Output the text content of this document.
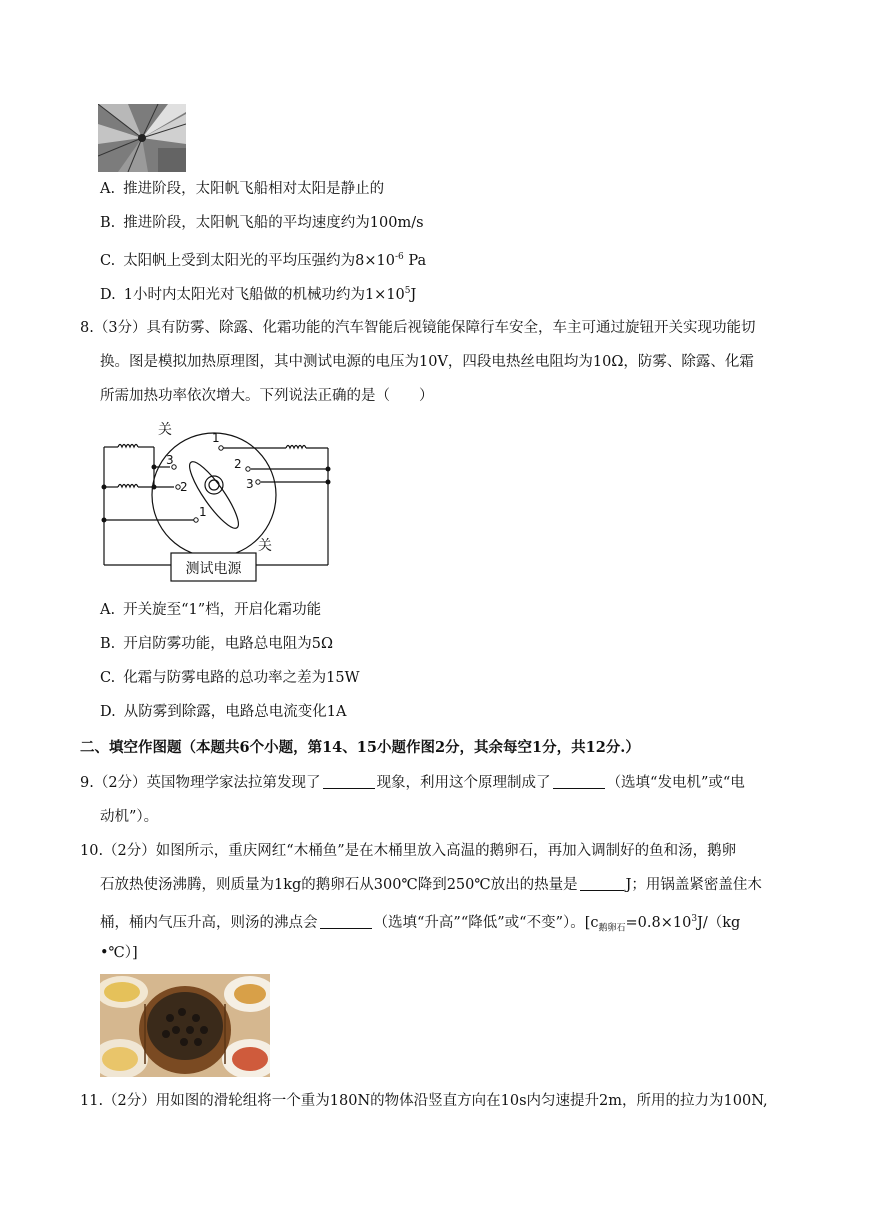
A. 推进阶段，太阳帆飞船相对太阳是静止的
B. 推进阶段，太阳帆飞船的平均速度约为100m/s
C. 太阳帆上受到太阳光的平均压强约为$8\times 10^{-6}$ Pa
D. 1小时内太阳光对飞船做的机械功约为$1\times 10^5J$
8.（3分）具有防雾、除露、化霜功能的汽车智能后视镜能保障行车安全，车主可通过旋钮开关实现功能切
换。图是模拟加热原理图，其中测试电源的电压为10V，四段电热丝电阻均为10Ω，防雾、除露、化霜
所需加热功率依次增大。下列说法正确的是（　　）
关
关
3
2
1
1
2
3
测试电源
A. 开关旋至“1”档，开启化霜功能
B. 开启防雾功能，电路总电阻为5Ω
C. 化霜与防雾电路的总功率之差为15W
D. 从防雾到除露，电路总电流变化1A
二、填空作图题（本题共6个小题，第14、15小题作图2分，其余每空1分，共12分.）
9.（2分）英国物理学家法拉第发现了	现象，利用这个原理制成了	（选填“发电机”或“电
动机”）。
10.（2分）如图所示，重庆网红“木桶鱼”是在木桶里放入高温的鹅卵石，再加入调制好的鱼和汤，鹅卵
石放热使汤沸腾，则质量为1kg的鹅卵石从300℃降到250℃放出的热量是	J；用锅盖紧密盖住木
桶，桶内气压升高，则汤的沸点会	（选填“升高”“降低”或“不变”）。[$c_{鹅卵石}=0.8\times 10^3J/(kg$
•℃）]
11.（2分）用如图的滑轮组将一个重为180N的物体沿竖直方向在10s内匀速提升2m，所用的拉力为100N,
